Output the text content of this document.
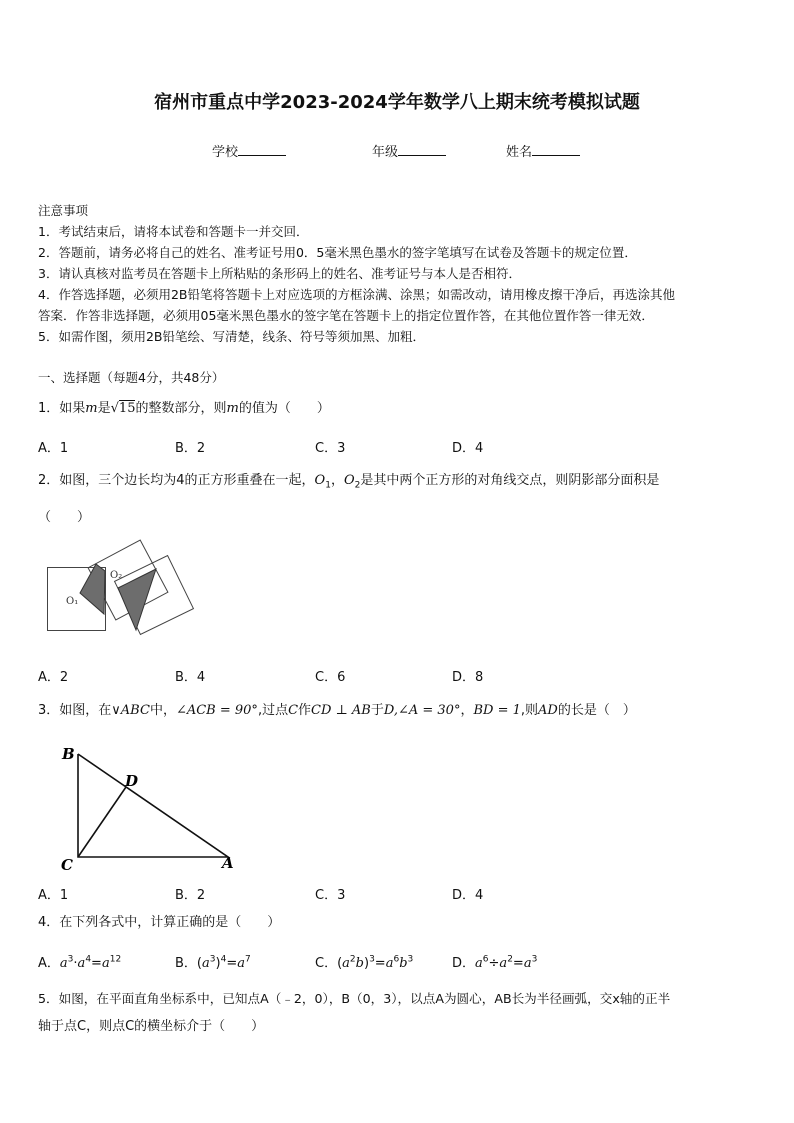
宿州市重点中学2023-2024学年数学八上期末统考模拟试题
学校	年级	姓名
注意事项
1．考试结束后，请将本试卷和答题卡一并交回．
2．答题前，请务必将自己的姓名、准考证号用0．5毫米黑色墨水的签字笔填写在试卷及答题卡的规定位置．
3．请认真核对监考员在答题卡上所粘贴的条形码上的姓名、准考证号与本人是否相符．
4．作答选择题，必须用2B铅笔将答题卡上对应选项的方框涂满、涂黑；如需改动，请用橡皮擦干净后，再选涂其他
答案．作答非选择题，必须用05毫米黑色墨水的签字笔在答题卡上的指定位置作答，在其他位置作答一律无效．
5．如需作图，须用2B铅笔绘、写清楚，线条、符号等须加黑、加粗．
一、选择题（每题4分，共48分）
1．如果m是√15的整数部分，则m的值为（　　）
A．1	B．2	C．3	D．4
2．如图，三个边长均为4的正方形重叠在一起，$O_1$，$O_2$是其中两个正方形的对角线交点，则阴影部分面积是
（　　）
O₁
O₂
A．2	B．4	C．6	D．8
3．如图，在∨ABC中，∠ACB = 90°,过点C作CD ⊥ AB于D,∠A = 30°，BD = 1,则AD的长是（　）
B
D
C	A
A．1	B．2	C．3	D．4
4．在下列各式中，计算正确的是（　　）
A．$a^3\cdot a^4=a^{12}$	B．$(a^3)^4=a^7$	C．$(a^2b)^3=a^6b^3$	D．$a^6\div a^2=a^3$
5．如图，在平面直角坐标系中，已知点A（﹣2，0），B（0，3），以点A为圆心，AB长为半径画弧，交x轴的正半
轴于点C，则点C的横坐标介于（　　）
